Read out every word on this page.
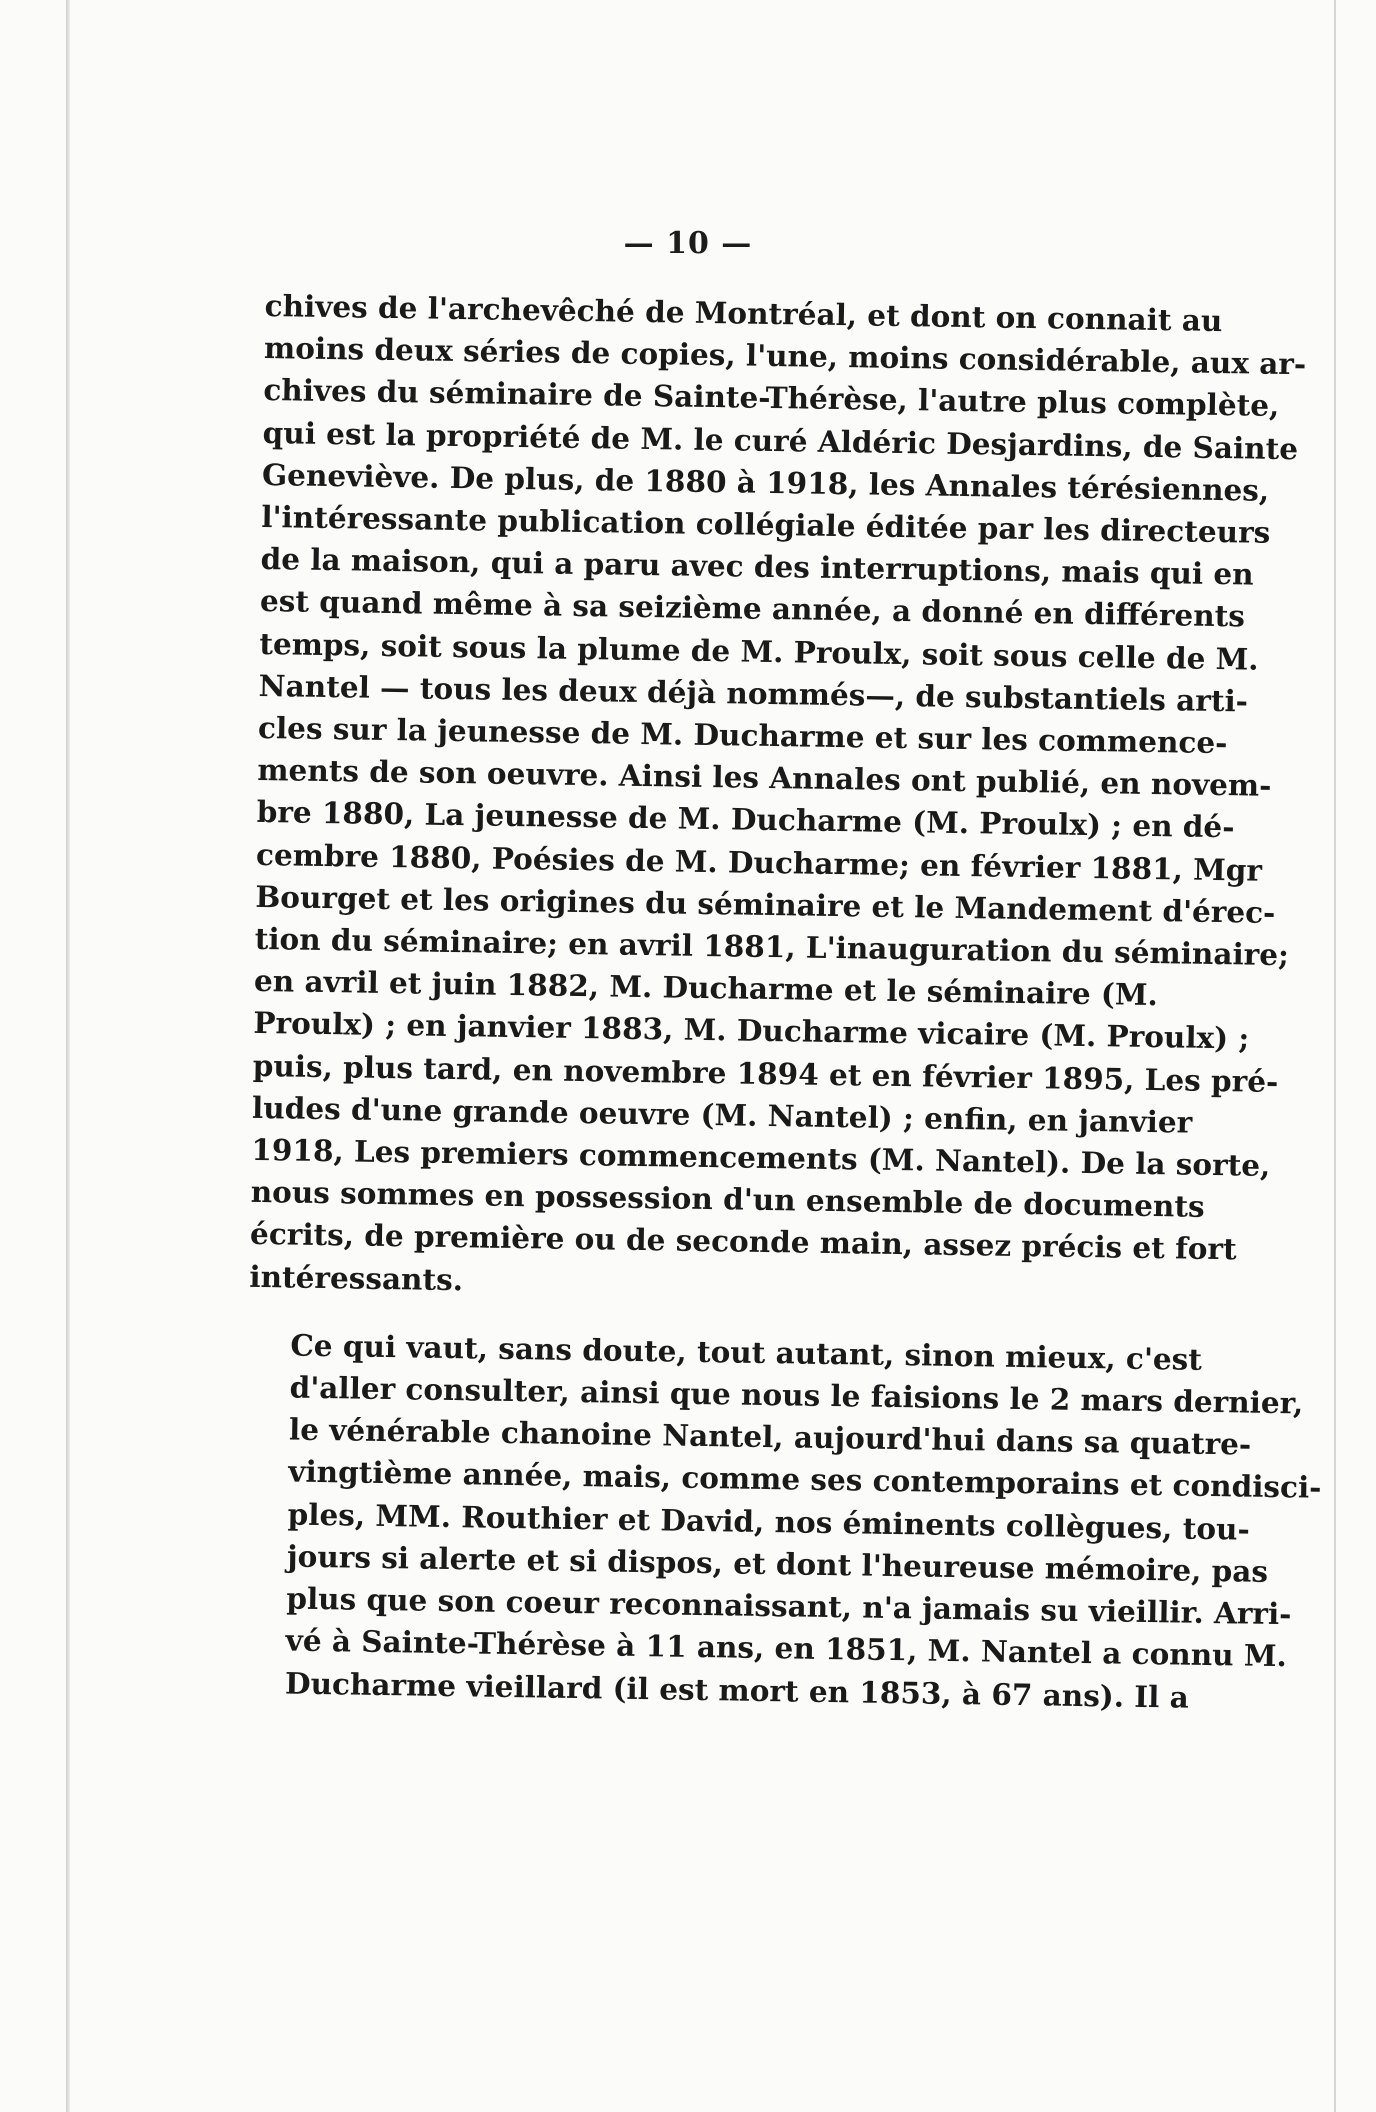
— 10 —

chives de l'archevêché de Montréal, et dont on connait au
moins deux séries de copies, l'une, moins considérable, aux ar-
chives du séminaire de Sainte-Thérèse, l'autre plus complète,
qui est la propriété de M. le curé Aldéric Desjardins, de Sainte
Geneviève. De plus, de 1880 à 1918, les Annales térésiennes,
l'intéressante publication collégiale éditée par les directeurs
de la maison, qui a paru avec des interruptions, mais qui en
est quand même à sa seizième année, a donné en différents
temps, soit sous la plume de M. Proulx, soit sous celle de M.
Nantel — tous les deux déjà nommés—, de substantiels arti-
cles sur la jeunesse de M. Ducharme et sur les commence-
ments de son oeuvre. Ainsi les Annales ont publié, en novem-
bre 1880, La jeunesse de M. Ducharme (M. Proulx) ; en dé-
cembre 1880, Poésies de M. Ducharme; en février 1881, Mgr
Bourget et les origines du séminaire et le Mandement d'érec-
tion du séminaire; en avril 1881, L'inauguration du séminaire;
en avril et juin 1882, M. Ducharme et le séminaire (M.
Proulx) ; en janvier 1883, M. Ducharme vicaire (M. Proulx) ;
puis, plus tard, en novembre 1894 et en février 1895, Les pré-
ludes d'une grande oeuvre (M. Nantel) ; enfin, en janvier
1918, Les premiers commencements (M. Nantel). De la sorte,
nous sommes en possession d'un ensemble de documents
écrits, de première ou de seconde main, assez précis et fort
intéressants.

Ce qui vaut, sans doute, tout autant, sinon mieux, c'est
d'aller consulter, ainsi que nous le faisions le 2 mars dernier,
le vénérable chanoine Nantel, aujourd'hui dans sa quatre-
vingtième année, mais, comme ses contemporains et condisci-
ples, MM. Routhier et David, nos éminents collègues, tou-
jours si alerte et si dispos, et dont l'heureuse mémoire, pas
plus que son coeur reconnaissant, n'a jamais su vieillir. Arri-
vé à Sainte-Thérèse à 11 ans, en 1851, M. Nantel a connu M.
Ducharme vieillard (il est mort en 1853, à 67 ans). Il a
